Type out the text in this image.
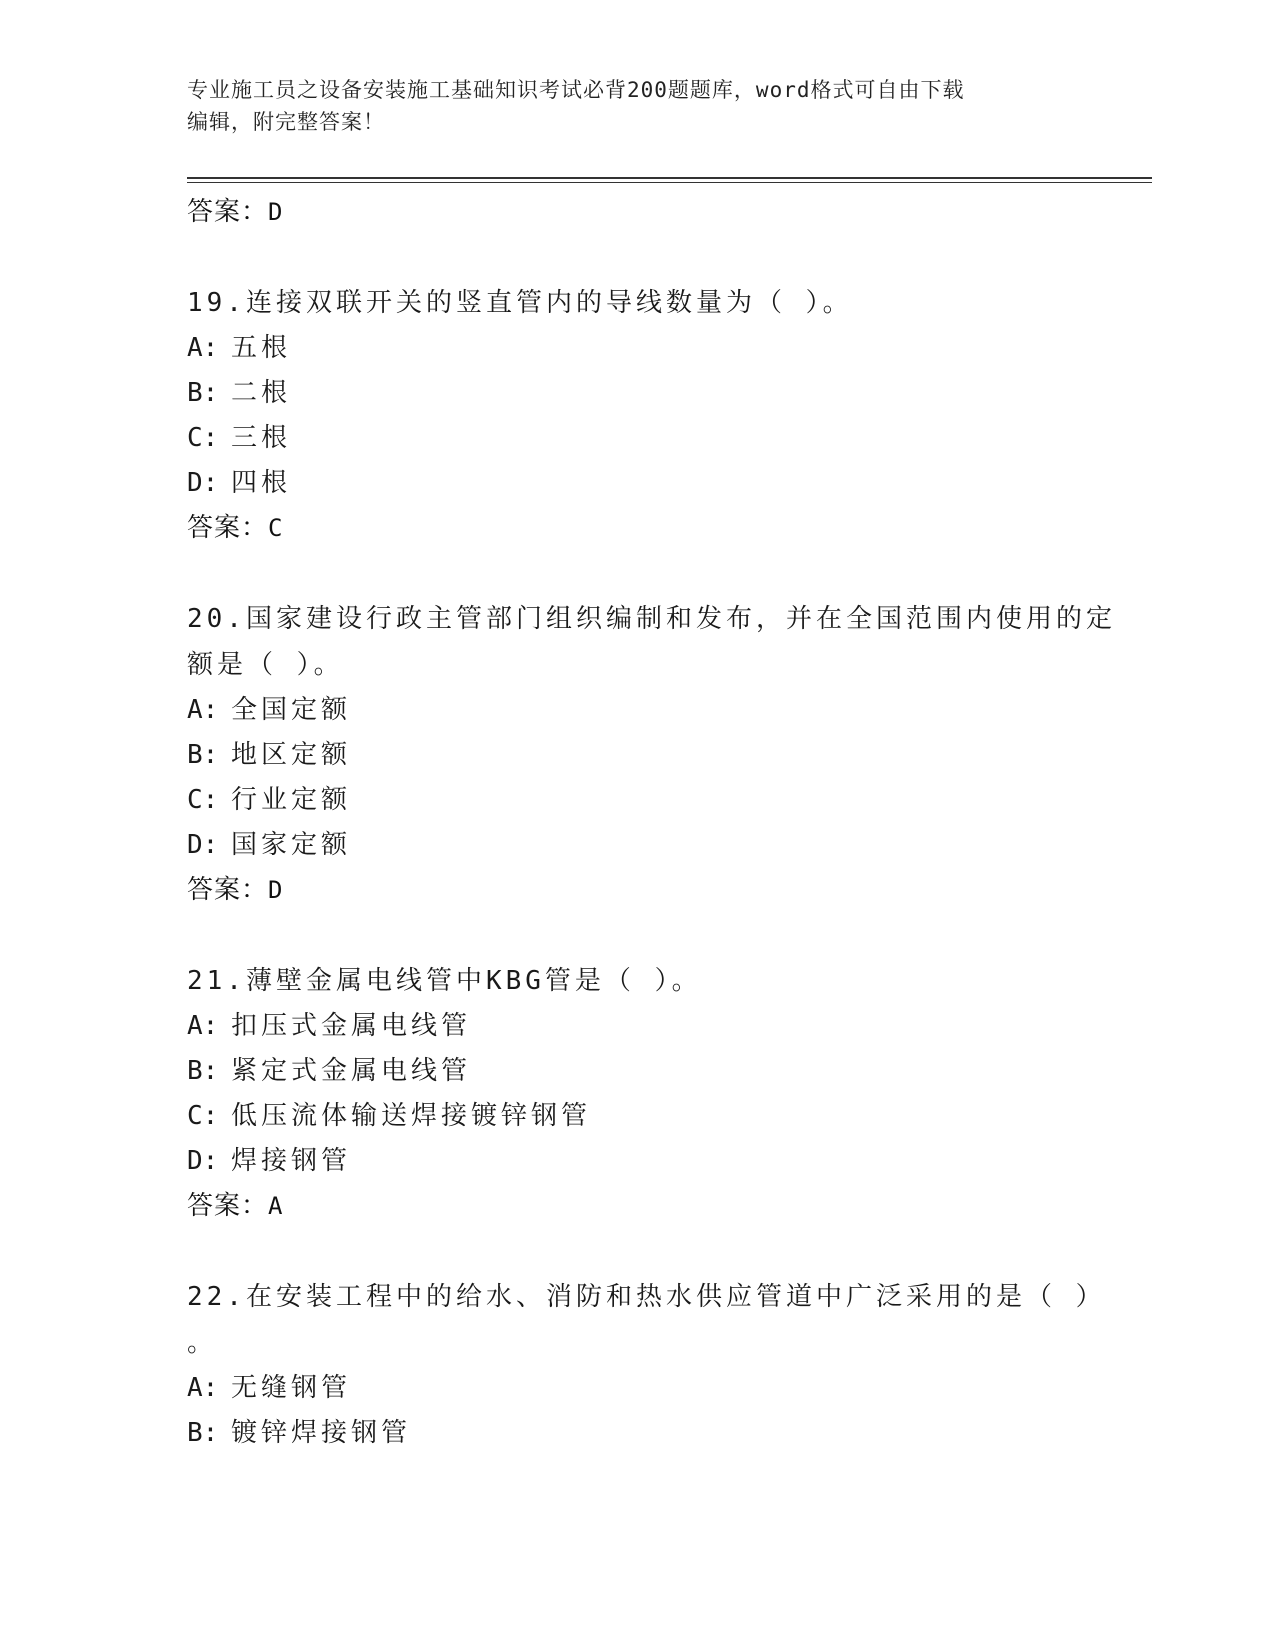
专业施工员之设备安装施工基础知识考试必背200题题库，word格式可自由下载
编辑，附完整答案！

答案：D

19.连接双联开关的竖直管内的导线数量为（ ）。

A: 五根

B: 二根

C: 三根

D: 四根

答案：C

20.国家建设行政主管部门组织编制和发布，并在全国范围内使用的定

额是（ ）。

A: 全国定额

B: 地区定额

C: 行业定额

D: 国家定额

答案：D

21.薄壁金属电线管中KBG管是（ ）。

A: 扣压式金属电线管

B: 紧定式金属电线管

C: 低压流体输送焊接镀锌钢管

D: 焊接钢管

答案：A

22.在安装工程中的给水、消防和热水供应管道中广泛采用的是（ ）

。

A: 无缝钢管

B: 镀锌焊接钢管
